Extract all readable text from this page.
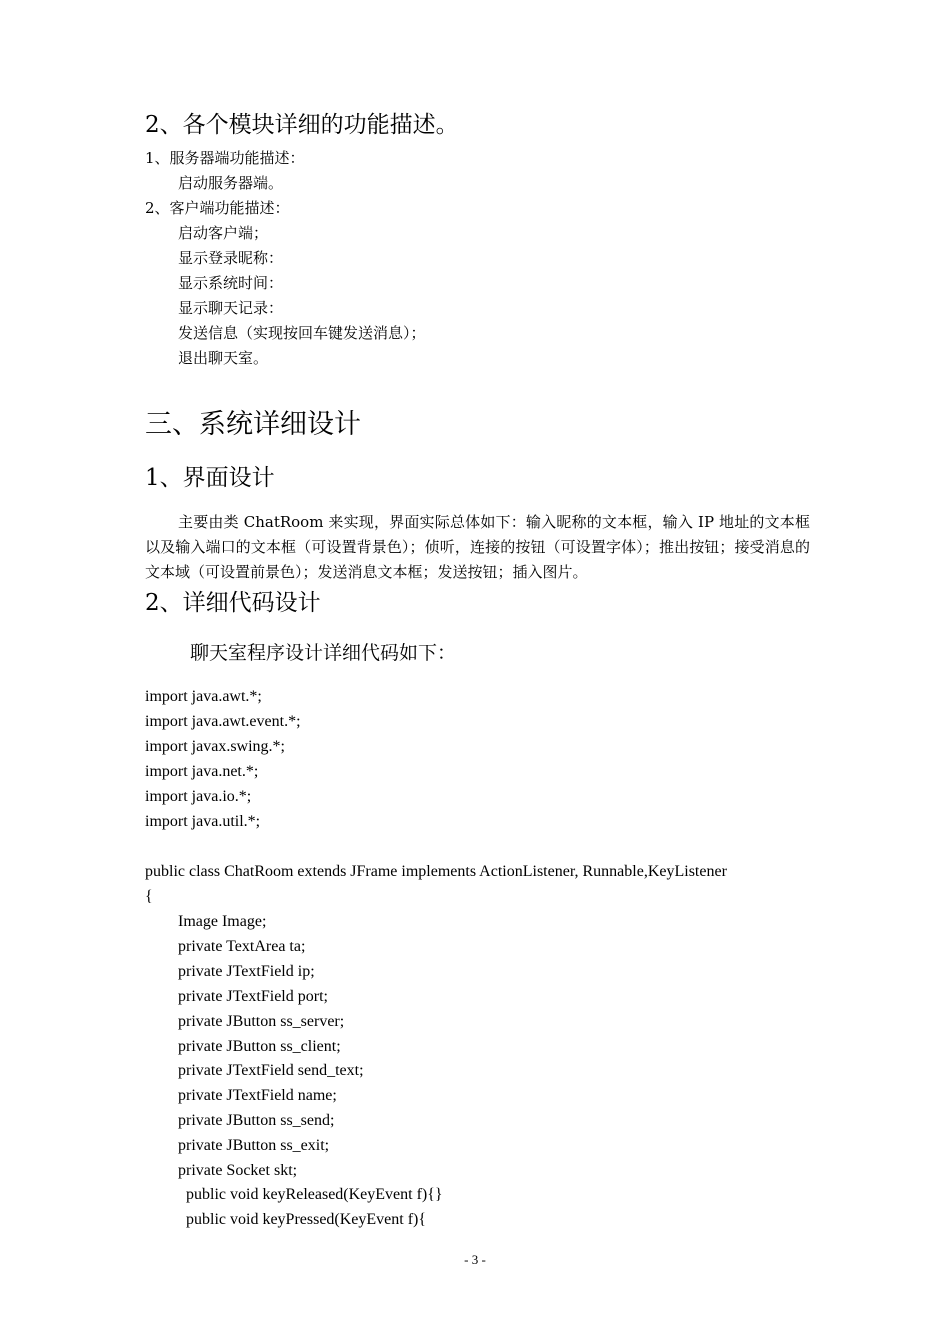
2、各个模块详细的功能描述。
1、服务器端功能描述：
启动服务器端。
2、客户端功能描述：
启动客户端；
显示登录昵称：
显示系统时间：
显示聊天记录：
发送信息（实现按回车键发送消息）；
退出聊天室。
三、系统详细设计
1、界面设计
主要由类 ChatRoom 来实现，界面实际总体如下：输入昵称的文本框，输入 IP 地址的文本框以及输入端口的文本框（可设置背景色）；侦听，连接的按钮（可设置字体）；推出按钮；接受消息的文本域（可设置前景色）；发送消息文本框；发送按钮；插入图片。
2、详细代码设计
聊天室程序设计详细代码如下：
import java.awt.*;
import java.awt.event.*;
import javax.swing.*;
import java.net.*;
import java.io.*;
import java.util.*;
public class ChatRoom extends JFrame implements ActionListener, Runnable,KeyListener
{
Image Image;
private TextArea ta;
private JTextField ip;
private JTextField port;
private JButton ss_server;
private JButton ss_client;
private JTextField send_text;
private JTextField name;
private JButton ss_send;
private JButton ss_exit;
private Socket skt;
public void keyReleased(KeyEvent f){}
public void keyPressed(KeyEvent f){
- 3 -
